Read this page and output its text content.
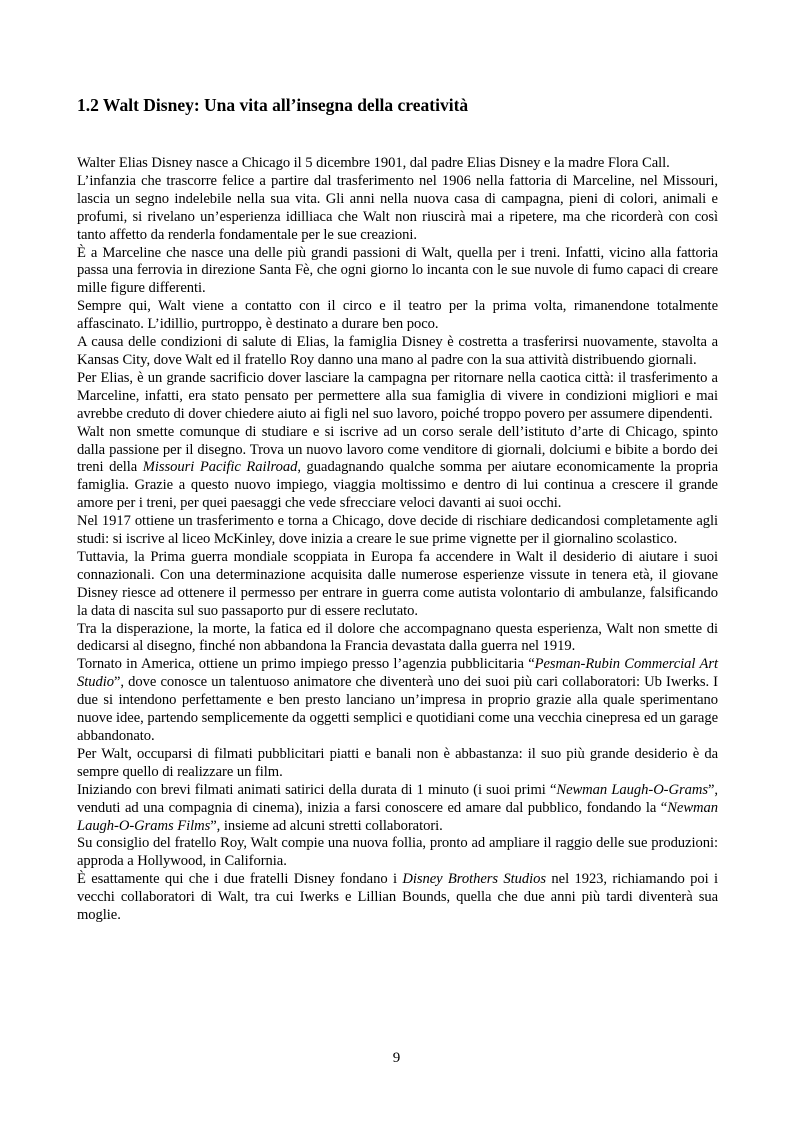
1.2 Walt Disney: Una vita all’insegna della creatività

Walter Elias Disney nasce a Chicago il 5 dicembre 1901, dal padre Elias Disney e la madre Flora Call.

L’infanzia che trascorre felice a partire dal trasferimento nel 1906 nella fattoria di Marceline, nel Missouri, lascia un segno indelebile nella sua vita. Gli anni nella nuova casa di campagna, pieni di colori, animali e profumi, si rivelano un’esperienza idilliaca che Walt non riuscirà mai a ripetere, ma che ricorderà con così tanto affetto da renderla fondamentale per le sue creazioni.

È a Marceline che nasce una delle più grandi passioni di Walt, quella per i treni. Infatti, vicino alla fattoria passa una ferrovia in direzione Santa Fè, che ogni giorno lo incanta con le sue nuvole di fumo capaci di creare mille figure differenti.

Sempre qui, Walt viene a contatto con il circo e il teatro per la prima volta, rimanendone totalmente affascinato. L’idillio, purtroppo, è destinato a durare ben poco.

A causa delle condizioni di salute di Elias, la famiglia Disney è costretta a trasferirsi nuovamente, stavolta a Kansas City, dove Walt ed il fratello Roy danno una mano al padre con la sua attività distribuendo giornali.

Per Elias, è un grande sacrificio dover lasciare la campagna per ritornare nella caotica città: il trasferimento a Marceline, infatti, era stato pensato per permettere alla sua famiglia di vivere in condizioni migliori e mai avrebbe creduto di dover chiedere aiuto ai figli nel suo lavoro, poiché troppo povero per assumere dipendenti.

Walt non smette comunque di studiare e si iscrive ad un corso serale dell’istituto d’arte di Chicago, spinto dalla passione per il disegno. Trova un nuovo lavoro come venditore di giornali, dolciumi e bibite a bordo dei treni della Missouri Pacific Railroad, guadagnando qualche somma per aiutare economicamente la propria famiglia. Grazie a questo nuovo impiego, viaggia moltissimo e dentro di lui continua a crescere il grande amore per i treni, per quei paesaggi che vede sfrecciare veloci davanti ai suoi occhi.

Nel 1917 ottiene un trasferimento e torna a Chicago, dove decide di rischiare dedicandosi completamente agli studi: si iscrive al liceo McKinley, dove inizia a creare le sue prime vignette per il giornalino scolastico.

Tuttavia, la Prima guerra mondiale scoppiata in Europa fa accendere in Walt il desiderio di aiutare i suoi connazionali. Con una determinazione acquisita dalle numerose esperienze vissute in tenera età, il giovane Disney riesce ad ottenere il permesso per entrare in guerra come autista volontario di ambulanze, falsificando la data di nascita sul suo passaporto pur di essere reclutato.

Tra la disperazione, la morte, la fatica ed il dolore che accompagnano questa esperienza, Walt non smette di dedicarsi al disegno, finché non abbandona la Francia devastata dalla guerra nel 1919.

Tornato in America, ottiene un primo impiego presso l’agenzia pubblicitaria “Pesman-Rubin Commercial Art Studio”, dove conosce un talentuoso animatore che diventerà uno dei suoi più cari collaboratori: Ub Iwerks. I due si intendono perfettamente e ben presto lanciano un’impresa in proprio grazie alla quale sperimentano nuove idee, partendo semplicemente da oggetti semplici e quotidiani come una vecchia cinepresa ed un garage abbandonato.

Per Walt, occuparsi di filmati pubblicitari piatti e banali non è abbastanza: il suo più grande desiderio è da sempre quello di realizzare un film.

Iniziando con brevi filmati animati satirici della durata di 1 minuto (i suoi primi “Newman Laugh-O-Grams”, venduti ad una compagnia di cinema), inizia a farsi conoscere ed amare dal pubblico, fondando la “Newman Laugh-O-Grams Films”, insieme ad alcuni stretti collaboratori.

Su consiglio del fratello Roy, Walt compie una nuova follia, pronto ad ampliare il raggio delle sue produzioni: approda a Hollywood, in California.

È esattamente qui che i due fratelli Disney fondano i Disney Brothers Studios nel 1923, richiamando poi i vecchi collaboratori di Walt, tra cui Iwerks e Lillian Bounds, quella che due anni più tardi diventerà sua moglie.

9
